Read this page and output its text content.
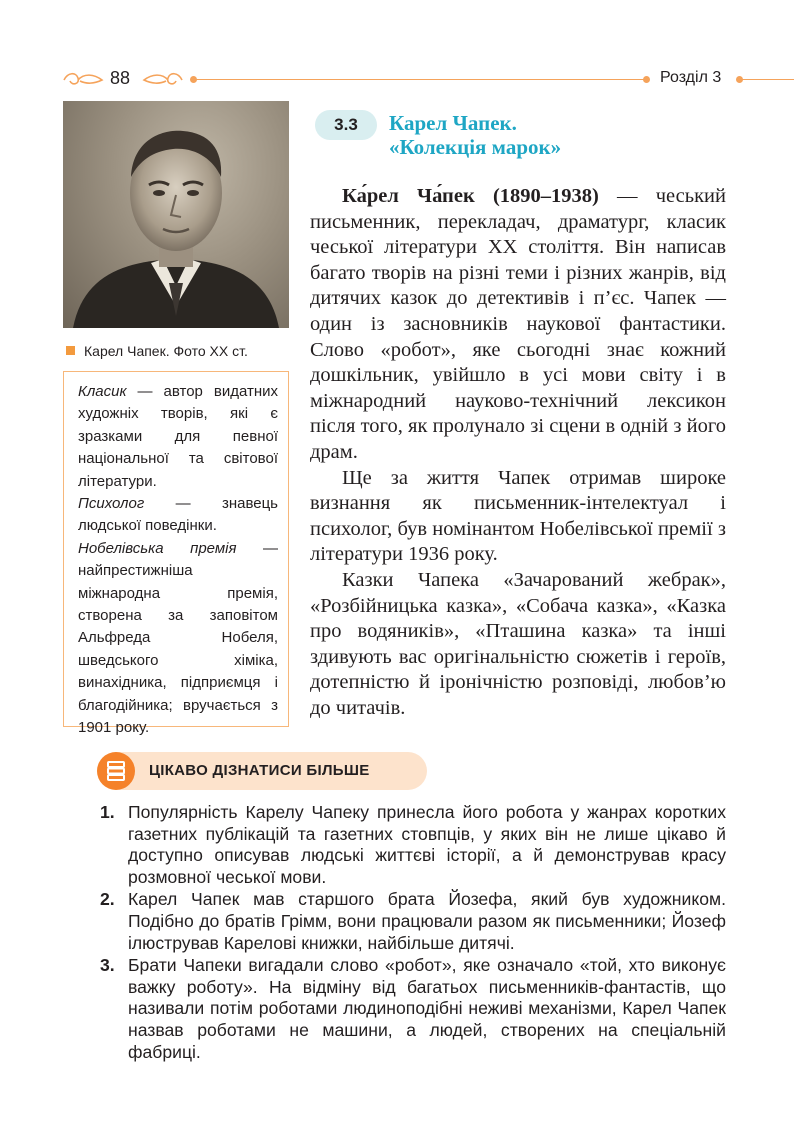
88	Розділ 3
Карел Чапек. Фото ХХ ст.

Класик — автор видатних художніх творів, які є зразками для певної національної та світової літератури.

Психолог — знавець людської поведінки.

Нобелівська премія — найпрестижніша міжнародна премія, створена за заповітом Альфреда Нобеля, шведського хіміка, винахідника, підприємця і благодійника; вручається з 1901 року.

3.3	Карел Чапек.
«Колекція марок»

Ка́рел Ча́пек (1890–1938) — чеський письменник, перекладач, драматург, класик чеської літератури ХХ століття. Він написав багато творів на різні теми і різних жанрів, від дитячих казок до детективів і п’єс. Чапек — один із засновників наукової фантастики. Слово «робот», яке сьогодні знає кожний дошкільник, увійшло в усі мови світу і в міжнародний науково-технічний лексикон після того, як пролунало зі сцени в одній з його драм.

Ще за життя Чапек отримав широке визнання як письменник-інтелектуал і психолог, був номінантом Нобелівської премії з літератури 1936 року.

Казки Чапека «Зачарований жебрак», «Розбійницька казка», «Собача казка», «Казка про водяників», «Пташина казка» та інші здивують вас оригінальністю сюжетів і героїв, дотепністю й іронічністю розповіді, любов’ю до читачів.

ЦІКАВО ДІЗНАТИСИ БІЛЬШЕ
1. Популярність Карелу Чапеку принесла його робота у жанрах коротких газетних публікацій та газетних стовпців, у яких він не лише цікаво й доступно описував людські життєві історії, а й демонстрував красу розмовної чеської мови.
2. Карел Чапек мав старшого брата Йозефа, який був художником. Подібно до братів Грімм, вони працювали разом як письменники; Йозеф ілюстрував Карелові книжки, найбільше дитячі.
3. Брати Чапеки вигадали слово «робот», яке означало «той, хто виконує важку роботу». На відміну від багатьох письменників-фантастів, що називали потім роботами людиноподібні неживі механізми, Карел Чапек назвав роботами не машини, а людей, створених на спеціальній фабриці.
